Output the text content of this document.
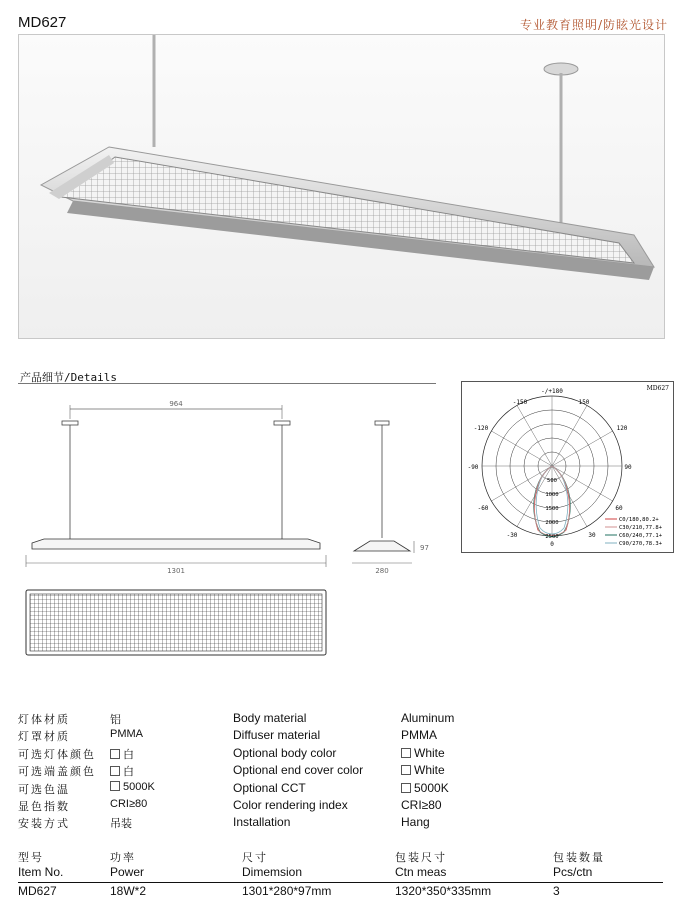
MD627	专业教育照明/防眩光设计
产品细节/Details
964
1301
97
280
MD627
-/+180
0
-150	150
-120	120
-90	90
-60	60
-30	30
500
1000
1500
2000
2500
C0/180,80.2+
C30/210,77.8+
C60/240,77.1+
C90/270,78.3+
灯体材质	铝	Body material	Aluminum
灯罩材质	PMMA	Diffuser material	PMMA
可选灯体颜色	白	Optional body color	White
可选端盖颜色	白	Optional end cover color	White
可选色温	5000K	Optional CCT	5000K
显色指数	CRI≥80	Color rendering index	CRI≥80
安装方式	吊装	Installation	Hang
型号	功率	尺寸	包装尺寸	包装数量
Item No.	Power	Dimemsion	Ctn meas	Pcs/ctn
MD627	18W*2	1301*280*97mm	1320*350*335mm	3
